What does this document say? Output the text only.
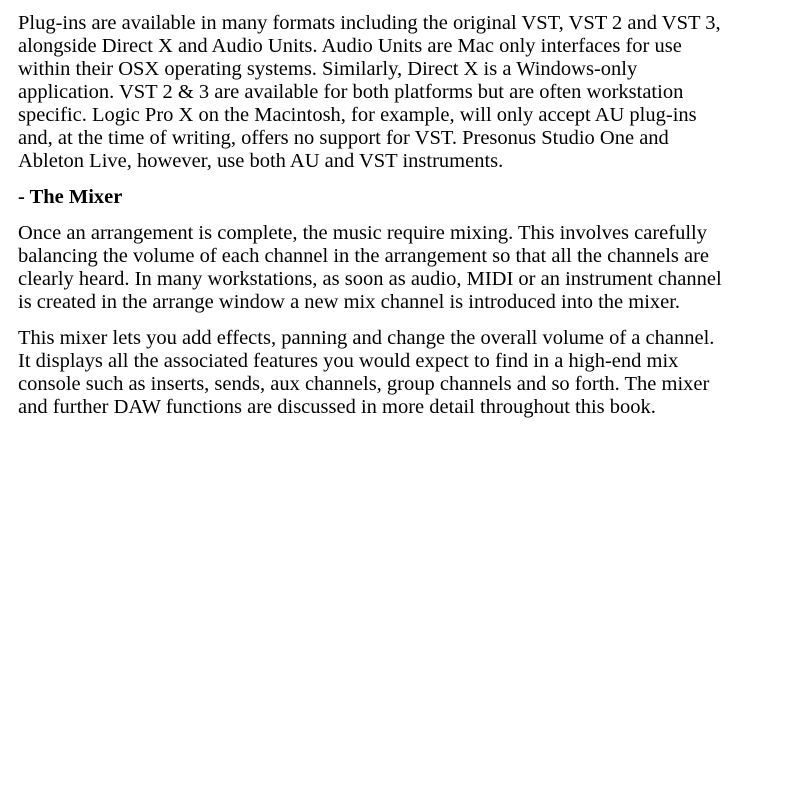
Plug-ins are available in many formats including the original VST, VST 2 and VST 3,
alongside Direct X and Audio Units. Audio Units are Mac only interfaces for use
within their OSX operating systems. Similarly, Direct X is a Windows-only
application. VST 2 & 3 are available for both platforms but are often workstation
specific. Logic Pro X on the Macintosh, for example, will only accept AU plug-ins
and, at the time of writing, offers no support for VST. Presonus Studio One and
Ableton Live, however, use both AU and VST instruments.

- The Mixer

Once an arrangement is complete, the music require mixing. This involves carefully
balancing the volume of each channel in the arrangement so that all the channels are
clearly heard. In many workstations, as soon as audio, MIDI or an instrument channel
is created in the arrange window a new mix channel is introduced into the mixer.

This mixer lets you add effects, panning and change the overall volume of a channel.
It displays all the associated features you would expect to find in a high-end mix
console such as inserts, sends, aux channels, group channels and so forth. The mixer
and further DAW functions are discussed in more detail throughout this book.
